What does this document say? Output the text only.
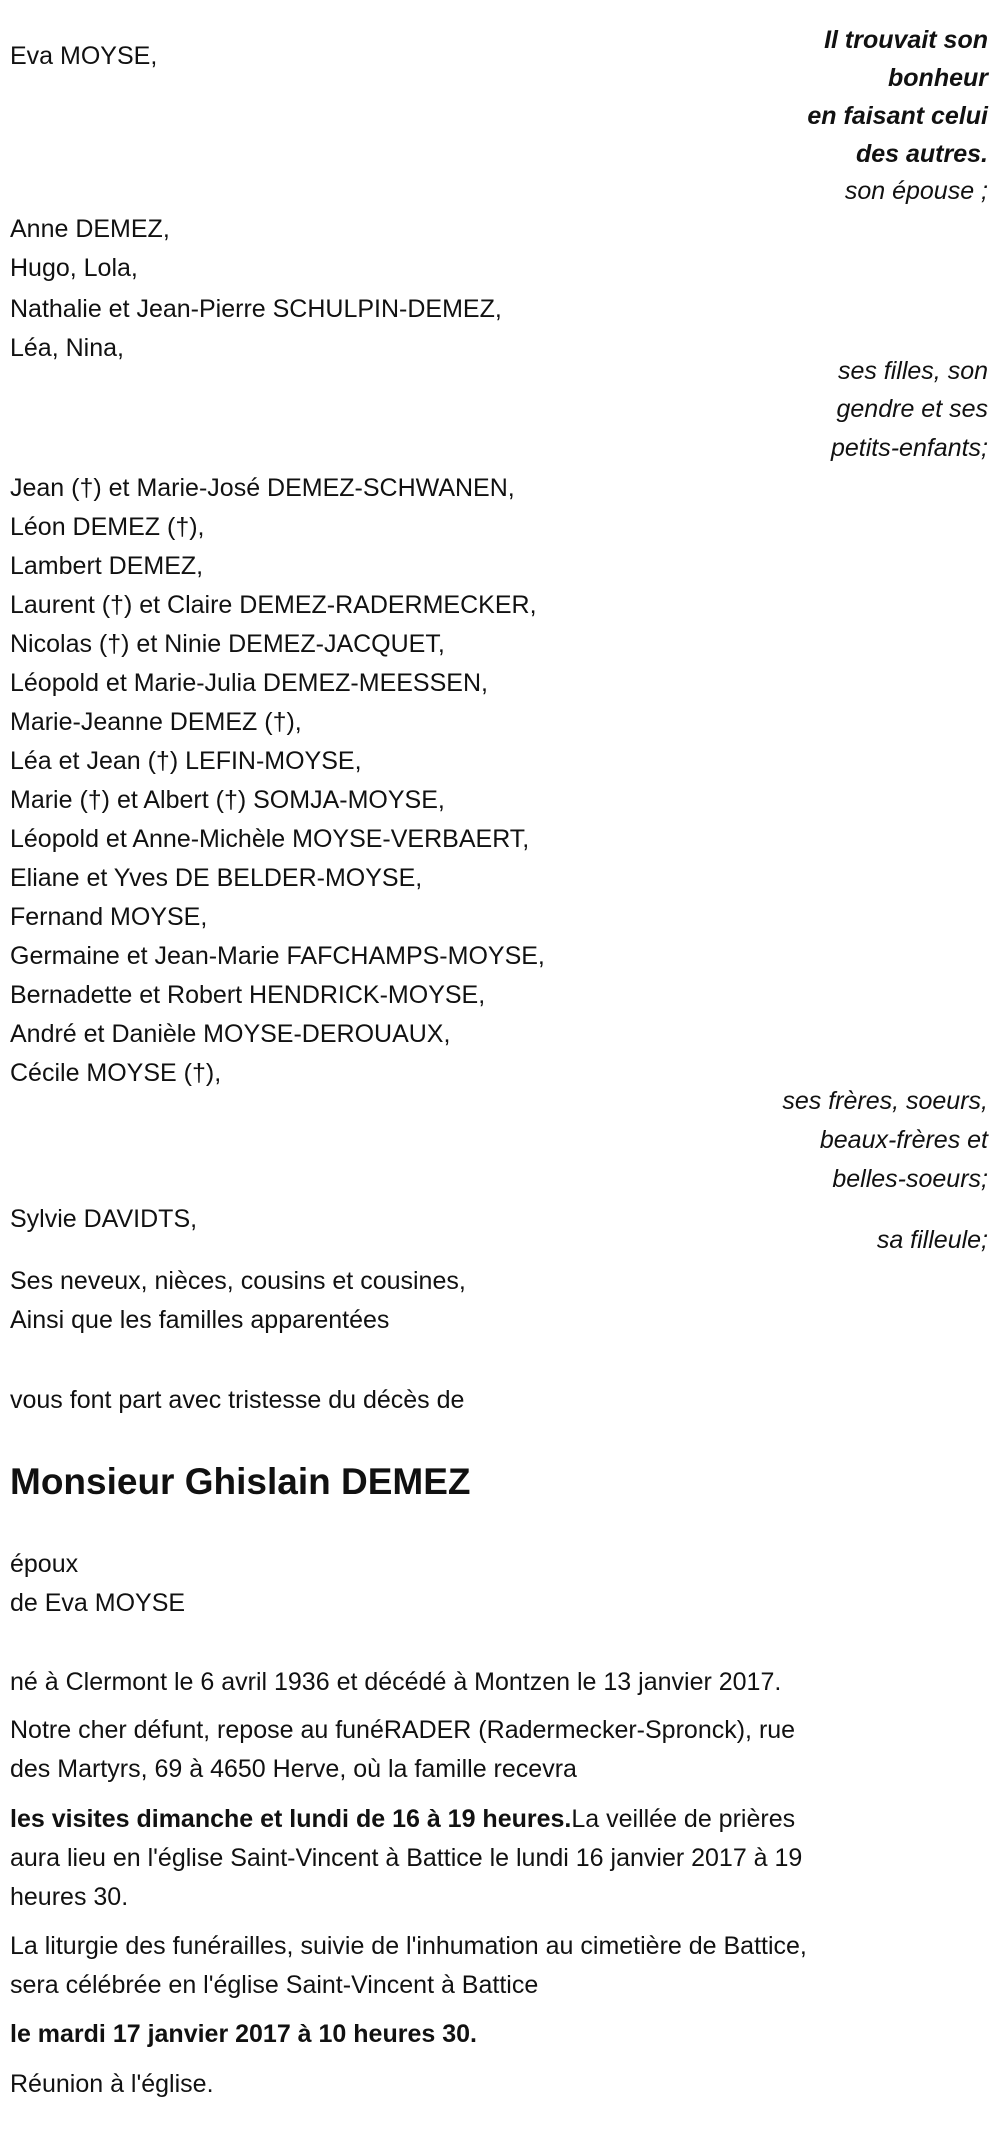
Il trouvait son
bonheur
en faisant celui
des autres.
Eva MOYSE,
son épouse ;
Anne DEMEZ,
Hugo, Lola,
Nathalie et Jean-Pierre SCHULPIN-DEMEZ,
Léa, Nina,
ses filles, son
gendre et ses
petits-enfants;
Jean (†) et Marie-José DEMEZ-SCHWANEN,
Léon DEMEZ (†),
Lambert DEMEZ,
Laurent (†) et Claire DEMEZ-RADERMECKER,
Nicolas (†) et Ninie DEMEZ-JACQUET,
Léopold et Marie-Julia DEMEZ-MEESSEN,
Marie-Jeanne DEMEZ (†),
Léa et Jean (†) LEFIN-MOYSE,
Marie (†) et Albert (†) SOMJA-MOYSE,
Léopold et Anne-Michèle MOYSE-VERBAERT,
Eliane et Yves DE BELDER-MOYSE,
Fernand MOYSE,
Germaine et Jean-Marie FAFCHAMPS-MOYSE,
Bernadette et Robert HENDRICK-MOYSE,
André et Danièle MOYSE-DEROUAUX,
Cécile MOYSE (†),
ses frères, soeurs,
beaux-frères et
belles-soeurs;
Sylvie DAVIDTS,
sa filleule;
Ses neveux, nièces, cousins et cousines,
Ainsi que les familles apparentées
vous font part avec tristesse du décès de
Monsieur Ghislain DEMEZ
époux
de Eva MOYSE
né à Clermont le 6 avril 1936 et décédé à Montzen le 13 janvier 2017.
Notre cher défunt, repose au funéRADER (Radermecker-Spronck), rue
des Martyrs, 69 à 4650 Herve, où la famille recevra
les visites dimanche et lundi de 16 à 19 heures.La veillée de prières
aura lieu en l'église Saint-Vincent à Battice le lundi 16 janvier 2017 à 19
heures 30.
La liturgie des funérailles, suivie de l'inhumation au cimetière de Battice,
sera célébrée en l'église Saint-Vincent à Battice
le mardi 17 janvier 2017 à 10 heures 30.
Réunion à l'église.
